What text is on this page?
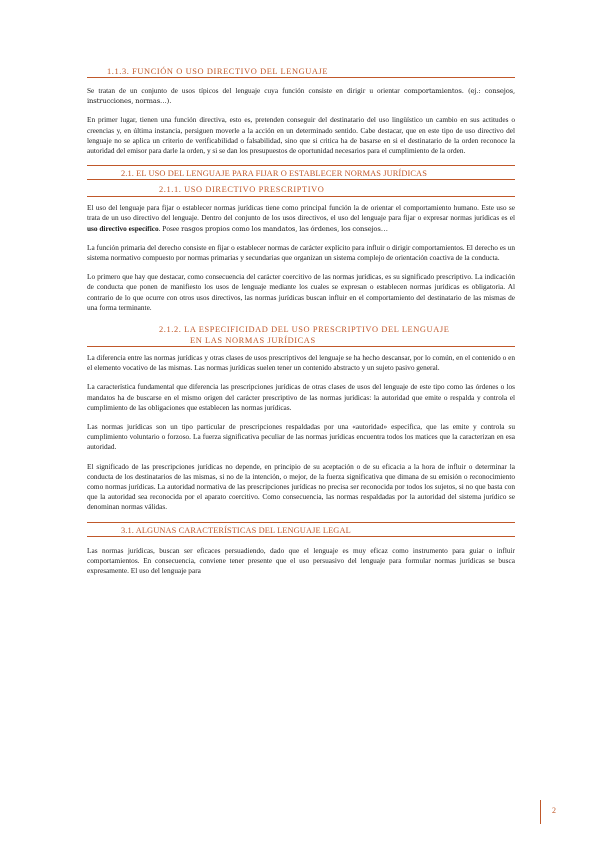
1.1.3. FUNCIÓN O USO DIRECTIVO DEL LENGUAJE

Se tratan de un conjunto de usos típicos del lenguaje cuya función consiste en dirigir u orientar comportamientos. (ej.: consejos, instrucciones, normas…).

En primer lugar, tienen una función directiva, esto es, pretenden conseguir del destinatario del uso lingüístico un cambio en sus actitudes o creencias y, en última instancia, persiguen moverle a la acción en un determinado sentido. Cabe destacar, que en este tipo de uso directivo del lenguaje no se aplica un criterio de verificabilidad o falsabilidad, sino que si critica ha de basarse en si el destinatario de la orden reconoce la autoridad del emisor para darle la orden, y si se dan los presupuestos de oportunidad necesarios para el cumplimiento de la orden.

2.1. EL USO DEL LENGUAJE PARA FIJAR O ESTABLECER NORMAS JURÍDICAS
2.1.1. USO DIRECTIVO PRESCRIPTIVO

El uso del lenguaje para fijar o establecer normas jurídicas tiene como principal función la de orientar el comportamiento humano. Este uso se trata de un uso directivo del lenguaje. Dentro del conjunto de los usos directivos, el uso del lenguaje para fijar o expresar normas jurídicas es el uso directivo específico. Posee rasgos propios como los mandatos, las órdenes, los consejos…

La función primaria del derecho consiste en fijar o establecer normas de carácter explícito para influir o dirigir comportamientos. El derecho es un sistema normativo compuesto por normas primarias y secundarias que organizan un sistema complejo de orientación coactiva de la conducta.

Lo primero que hay que destacar, como consecuencia del carácter coercitivo de las normas jurídicas, es su significado prescriptivo. La indicación de conducta que ponen de manifiesto los usos de lenguaje mediante los cuales se expresan o establecen normas jurídicas es obligatoria. Al contrario de lo que ocurre con otros usos directivos, las normas jurídicas buscan influir en el comportamiento del destinatario de las mismas de una forma terminante.

2.1.2. LA ESPECIFICIDAD DEL USO PRESCRIPTIVO DEL LENGUAJE
EN LAS NORMAS JURÍDICAS

La diferencia entre las normas jurídicas y otras clases de usos prescriptivos del lenguaje se ha hecho descansar, por lo común, en el contenido o en el elemento vocativo de las mismas. Las normas jurídicas suelen tener un contenido abstracto y un sujeto pasivo general.

La característica fundamental que diferencia las prescripciones jurídicas de otras clases de usos del lenguaje de este tipo como las órdenes o los mandatos ha de buscarse en el mismo origen del carácter prescriptivo de las normas jurídicas: la autoridad que emite o respalda y controla el cumplimiento de las obligaciones que establecen las normas jurídicas.

Las normas jurídicas son un tipo particular de prescripciones respaldadas por una «autoridad» específica, que las emite y controla su cumplimiento voluntario o forzoso. La fuerza significativa peculiar de las normas jurídicas encuentra todos los matices que la caracterizan en esa autoridad.

El significado de las prescripciones jurídicas no depende, en principio de su aceptación o de su eficacia a la hora de influir o determinar la conducta de los destinatarios de las mismas, si no de la intención, o mejor, de la fuerza significativa que dimana de su emisión o reconocimiento como normas jurídicas. La autoridad normativa de las prescripciones jurídicas no precisa ser reconocida por todos los sujetos, si no que basta con que la autoridad sea reconocida por el aparato coercitivo. Como consecuencia, las normas respaldadas por la autoridad del sistema jurídico se denominan normas válidas.

3.1. ALGUNAS CARACTERÍSTICAS DEL LENGUAJE LEGAL

Las normas jurídicas, buscan ser eficaces persuadiendo, dado que el lenguaje es muy eficaz como instrumento para guiar o influir comportamientos. En consecuencia, conviene tener presente que el uso persuasivo del lenguaje para formular normas jurídicas se busca expresamente. El uso del lenguaje para

2
